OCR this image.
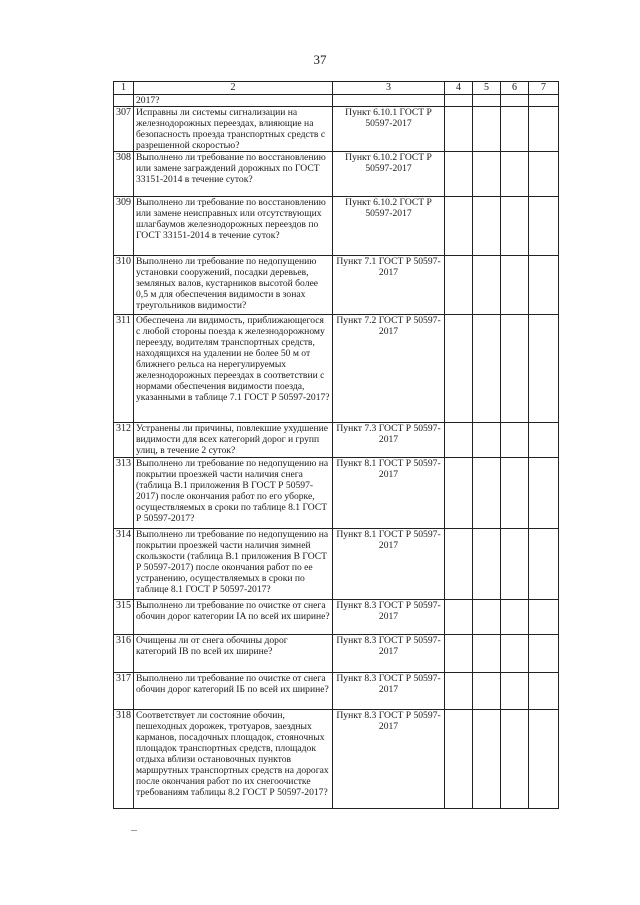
37
1	2	3	4	5	6	7
	2017?					
307	Исправны ли системы сигнализации на железнодорожных переездах, влияющие на безопасность проезда транспортных средств с разрешенной скоростью?	Пункт 6.10.1 ГОСТ Р 50597-2017				
308	Выполнено ли требование по восстановлению или замене заграждений дорожных по ГОСТ 33151-2014 в течение суток?	Пункт 6.10.2 ГОСТ Р 50597-2017				
309	Выполнено ли требование по восстановлению или замене неисправных или отсутствующих шлагбаумов железнодорожных переездов по ГОСТ 33151-2014 в течение суток?	Пункт 6.10.2 ГОСТ Р 50597-2017				
310	Выполнено ли требование по недопущению установки сооружений, посадки деревьев, земляных валов, кустарников высотой более 0,5 м для обеспечения видимости в зонах треугольников видимости?	Пункт 7.1 ГОСТ Р 50597-2017				
311	Обеспечена ли видимость, приближающегося с любой стороны поезда к железнодорожному переезду, водителям транспортных средств, находящихся на удалении не более 50 м от ближнего рельса на нерегулируемых железнодорожных переездах в соответствии с нормами обеспечения видимости поезда, указанными в таблице 7.1 ГОСТ Р 50597-2017?	Пункт 7.2 ГОСТ Р 50597-2017				
312	Устранены ли причины, повлекшие ухудшение видимости для всех категорий дорог и групп улиц, в течение 2 суток?	Пункт 7.3 ГОСТ Р 50597-2017				
313	Выполнено ли требование по недопущению на покрытии проезжей части наличия снега (таблица В.1 приложения В ГОСТ Р 50597-2017) после окончания работ по его уборке, осуществляемых в сроки по таблице 8.1 ГОСТ Р 50597-2017?	Пункт 8.1 ГОСТ Р 50597-2017				
314	Выполнено ли требование по недопущению на покрытии проезжей части наличия зимней скользкости (таблица В.1 приложения В ГОСТ Р 50597-2017) после окончания работ по ее устранению, осуществляемых в сроки по таблице 8.1 ГОСТ Р 50597-2017?	Пункт 8.1 ГОСТ Р 50597-2017				
315	Выполнено ли требование по очистке от снега обочин дорог категории IA по всей их ширине?	Пункт 8.3 ГОСТ Р 50597-2017				
316	Очищены ли от снега обочины дорог категорий IB по всей их ширине?	Пункт 8.3 ГОСТ Р 50597-2017				
317	Выполнено ли требование по очистке от снега обочин дорог категорий IБ по всей их ширине?	Пункт 8.3 ГОСТ Р 50597-2017				
318	Соответствует ли состояние обочин, пешеходных дорожек, тротуаров, заездных карманов, посадочных площадок, стояночных площадок транспортных средств, площадок отдыха вблизи остановочных пунктов маршрутных транспортных средств на дорогах после окончания работ по их снегоочистке требованиям таблицы 8.2 ГОСТ Р 50597-2017?	Пункт 8.3 ГОСТ Р 50597-2017				
